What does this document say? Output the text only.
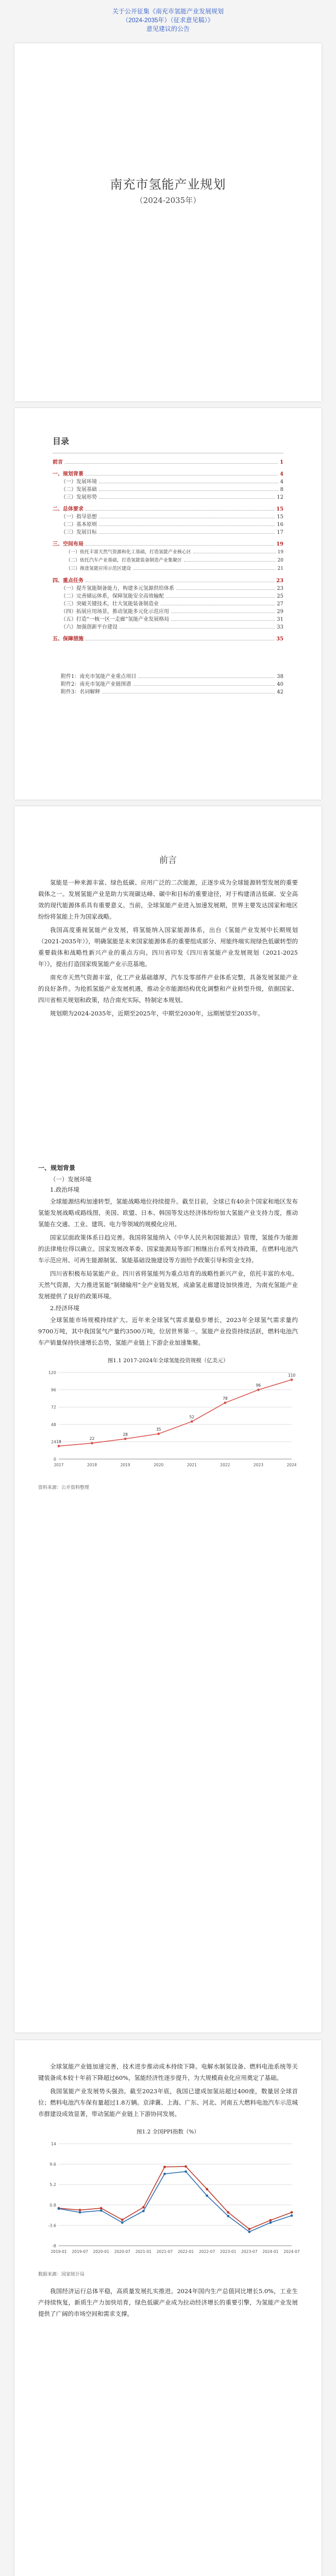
关于公开征集《南充市氢能产业发展规划
（2024-2035年）（征求意见稿）》
意见建议的公告
南充市氢能产业规划
（2024-2035年）
目录
前言	1
一、规划背景	4
（一）发展环境	4
（二）发展基础	8
（三）发展形势	12
二、总体要求	15
（一）指导思想	15
（二）基本原则	16
（三）发展目标	17
三、空间布局	19
（一）依托丰富天然气资源和化工基础，打造氢能产业核心区	19
（二）依托汽车产业基础，打造氢能装备制造产业集聚区	20
（三）推进氢能应用示范区建设	21
四、重点任务	23
（一）提升氢能制备能力，构建多元氢源供给体系	23
（二）完善储运体系，保障氢能安全高效输配	25
（三）突破关键技术，壮大氢能装备制造业	27
（四）拓展应用场景，推动氢能多元化示范应用	29
（五）打造“一核一区一走廊”氢能产业发展格局	31
（六）加强创新平台建设	33
五、保障措施	35
附件1：南充市氢能产业重点项目	38
附件2：南充市氢能产业链图谱	40
附件3：名词解释	42
前言

氢能是一种来源丰富、绿色低碳、应用广泛的二次能源，正逐步成为全球能源转型发展的重要载体之一。发展氢能产业是助力实现碳达峰、碳中和目标的重要途径，对于构建清洁低碳、安全高效的现代能源体系具有重要意义。当前，全球氢能产业进入加速发展期，世界主要发达国家和地区纷纷将氢能上升为国家战略。

我国高度重视氢能产业发展，将氢能纳入国家能源体系，出台《氢能产业发展中长期规划（2021-2035年）》，明确氢能是未来国家能源体系的重要组成部分、用能终端实现绿色低碳转型的重要载体和战略性新兴产业的重点方向。四川省印发《四川省氢能产业发展规划（2021-2025年）》，提出打造国家级氢能产业示范基地。

南充市天然气资源丰富，化工产业基础雄厚，汽车及零部件产业体系完整，具备发展氢能产业的良好条件。为抢抓氢能产业发展机遇，推动全市能源结构优化调整和产业转型升级，依据国家、四川省相关规划和政策，结合南充实际，特制定本规划。

规划期为2024-2035年，近期至2025年，中期至2030年，远期展望至2035年。

一、规划背景
（一）发展环境
1.政治环境

全球能源结构加速转型，氢能战略地位持续提升。截至目前，全球已有40余个国家和地区发布氢能发展战略或路线图，美国、欧盟、日本、韩国等发达经济体纷纷加大氢能产业支持力度，推动氢能在交通、工业、建筑、电力等领域的规模化应用。

国家层面政策体系日趋完善。我国将氢能纳入《中华人民共和国能源法》管理，氢能作为能源的法律地位得以确立。国家发展改革委、国家能源局等部门相继出台系列支持政策，在燃料电池汽车示范应用、可再生能源制氢、氢能基础设施建设等方面给予政策引导和资金支持。

四川省积极布局氢能产业。四川省将氢能列为重点培育的战略性新兴产业，依托丰富的水电、天然气资源，大力推进氢能“制储输用”全产业链发展，成渝氢走廊建设加快推进，为南充氢能产业发展提供了良好的政策环境。

2.经济环境

全球氢能市场规模持续扩大。近年来全球氢气需求量稳步增长，2023年全球氢气需求量约9700万吨，其中我国氢气产量约3500万吨，位居世界第一。氢能产业投资持续活跃，燃料电池汽车产销量保持快速增长态势，氢能产业链上下游企业加速集聚。

图1.1 2017-2024年全球氢能投资规模（亿美元）
0
24
48
72
96
120
2017	2018	2019	2020	2021	2022	2023	2024
18
22
28
35
52
78
96
110
资料来源：公开资料整理

全球氢能产业链加速完善，技术进步推动成本持续下降。电解水制氢设备、燃料电池系统等关键装备成本较十年前下降超过60%，氢能经济性逐步提升，为大规模商业化应用奠定了基础。

我国氢能产业发展势头强劲。截至2023年底，我国已建成加氢站超过400座，数量居全球首位；燃料电池汽车保有量超过1.8万辆。京津冀、上海、广东、河北、河南五大燃料电池汽车示范城市群建设成效显著，带动氢能产业链上下游协同发展。

图1.2 全国PPI指数（%）
-8
-3.6
0.8
5.2
9.6
14
2019-01 2019-07 2020-01 2020-07 2021-01 2021-07 2022-01 2022-07 2023-01 2023-07 2024-01 2024-07
数据来源：国家统计局

我国经济运行总体平稳，高质量发展扎实推进。2024年国内生产总值同比增长5.0%，工业生产持续恢复，新质生产力加快培育，绿色低碳产业成为拉动经济增长的重要引擎，为氢能产业发展提供了广阔的市场空间和需求支撑。
